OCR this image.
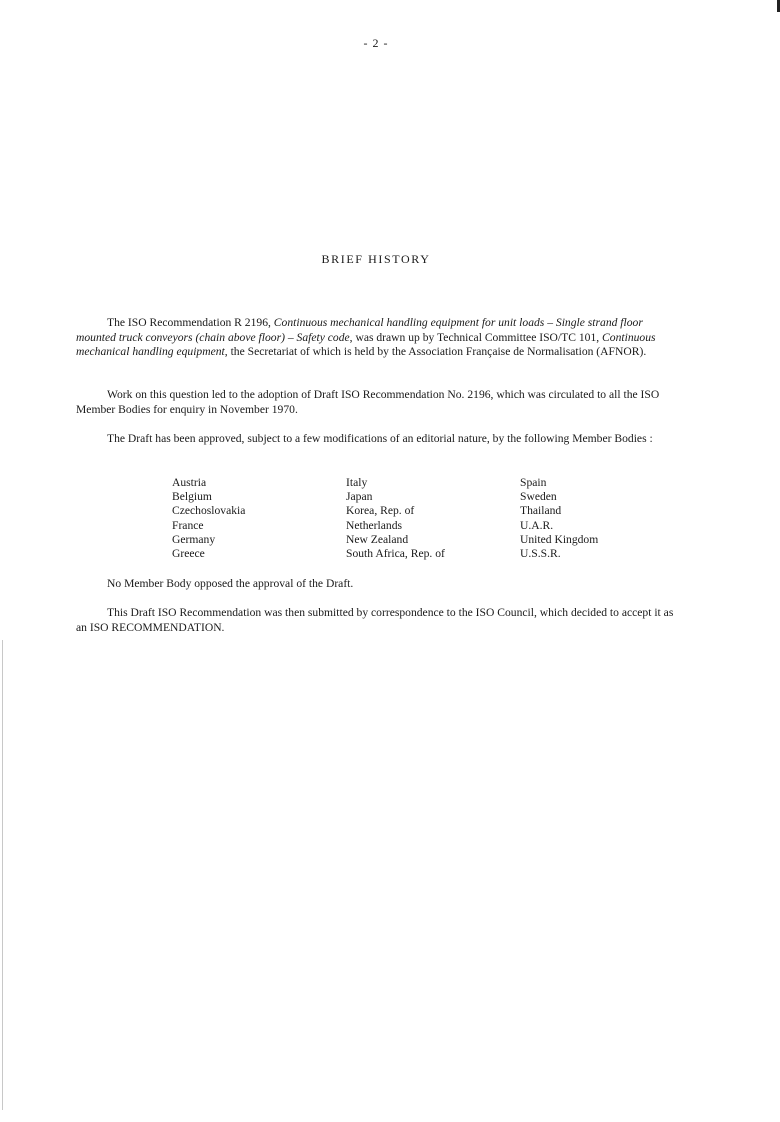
- 2 -
BRIEF HISTORY
The ISO Recommendation R 2196, Continuous mechanical handling equipment for unit loads – Single strand floor mounted truck conveyors (chain above floor) – Safety code, was drawn up by Technical Committee ISO/TC 101, Continuous mechanical handling equipment, the Secretariat of which is held by the Association Française de Normalisation (AFNOR).
Work on this question led to the adoption of Draft ISO Recommendation No. 2196, which was circulated to all the ISO Member Bodies for enquiry in November 1970.
The Draft has been approved, subject to a few modifications of an editorial nature, by the following Member Bodies :
Austria
Belgium
Czechoslovakia
France
Germany
Greece
Italy
Japan
Korea, Rep. of
Netherlands
New Zealand
South Africa, Rep. of
Spain
Sweden
Thailand
U.A.R.
United Kingdom
U.S.S.R.
No Member Body opposed the approval of the Draft.
This Draft ISO Recommendation was then submitted by correspondence to the ISO Council, which decided to accept it as an ISO RECOMMENDATION.
